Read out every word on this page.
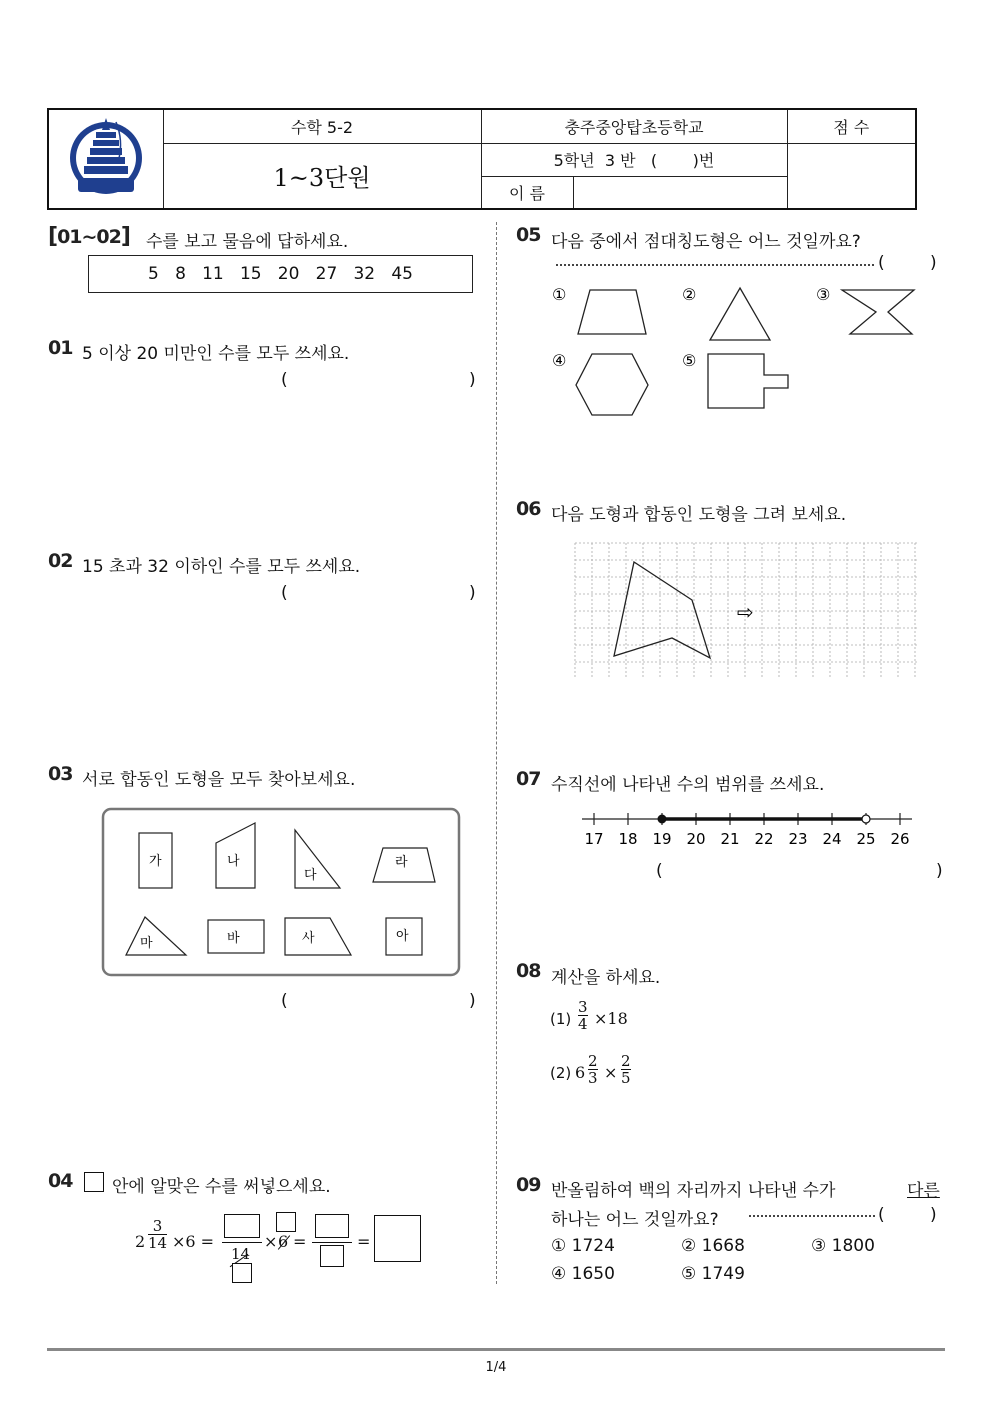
충주중앙탑	수학 5-2	충주중앙탑초등학교		점 수
	1~3단원	5학년  3 반   (       )번		
		이 름		
[01~02] 수를 보고 물음에 답하세요.
5   8   11   15   20   27   32   45
01 5 이상 20 미만인 수를 모두 쓰세요.
(	)
02 15 초과 32 이하인 수를 모두 쓰세요.
(	)
03 서로 합동인 도형을 모두 찾아보세요.
가	나
다
라
마	바	사	아
(	)
04 안에 알맞은 수를 써넣으세요.
2
3
14 ×6 =
14
× 6 =	=
05 다음 중에서 점대칭도형은 어느 것일까요?
(	)
①	②	③
④	⑤
06 다음 도형과 합동인 도형을 그려 보세요.
⇨
07 수직선에 나타낸 수의 범위를 쓰세요.
17 18 19 20 21 22 23 24 25 26
(	)
08 계산을 하세요.
(1)
3
4 ×18
(2) 6
2
3 ×
2
5
09 반올림하여 백의 자리까지 나타낸 수가	다른
하나는 어느 것일까요?	(	)
① 1724	② 1668	③ 1800
④ 1650	⑤ 1749
1/4
